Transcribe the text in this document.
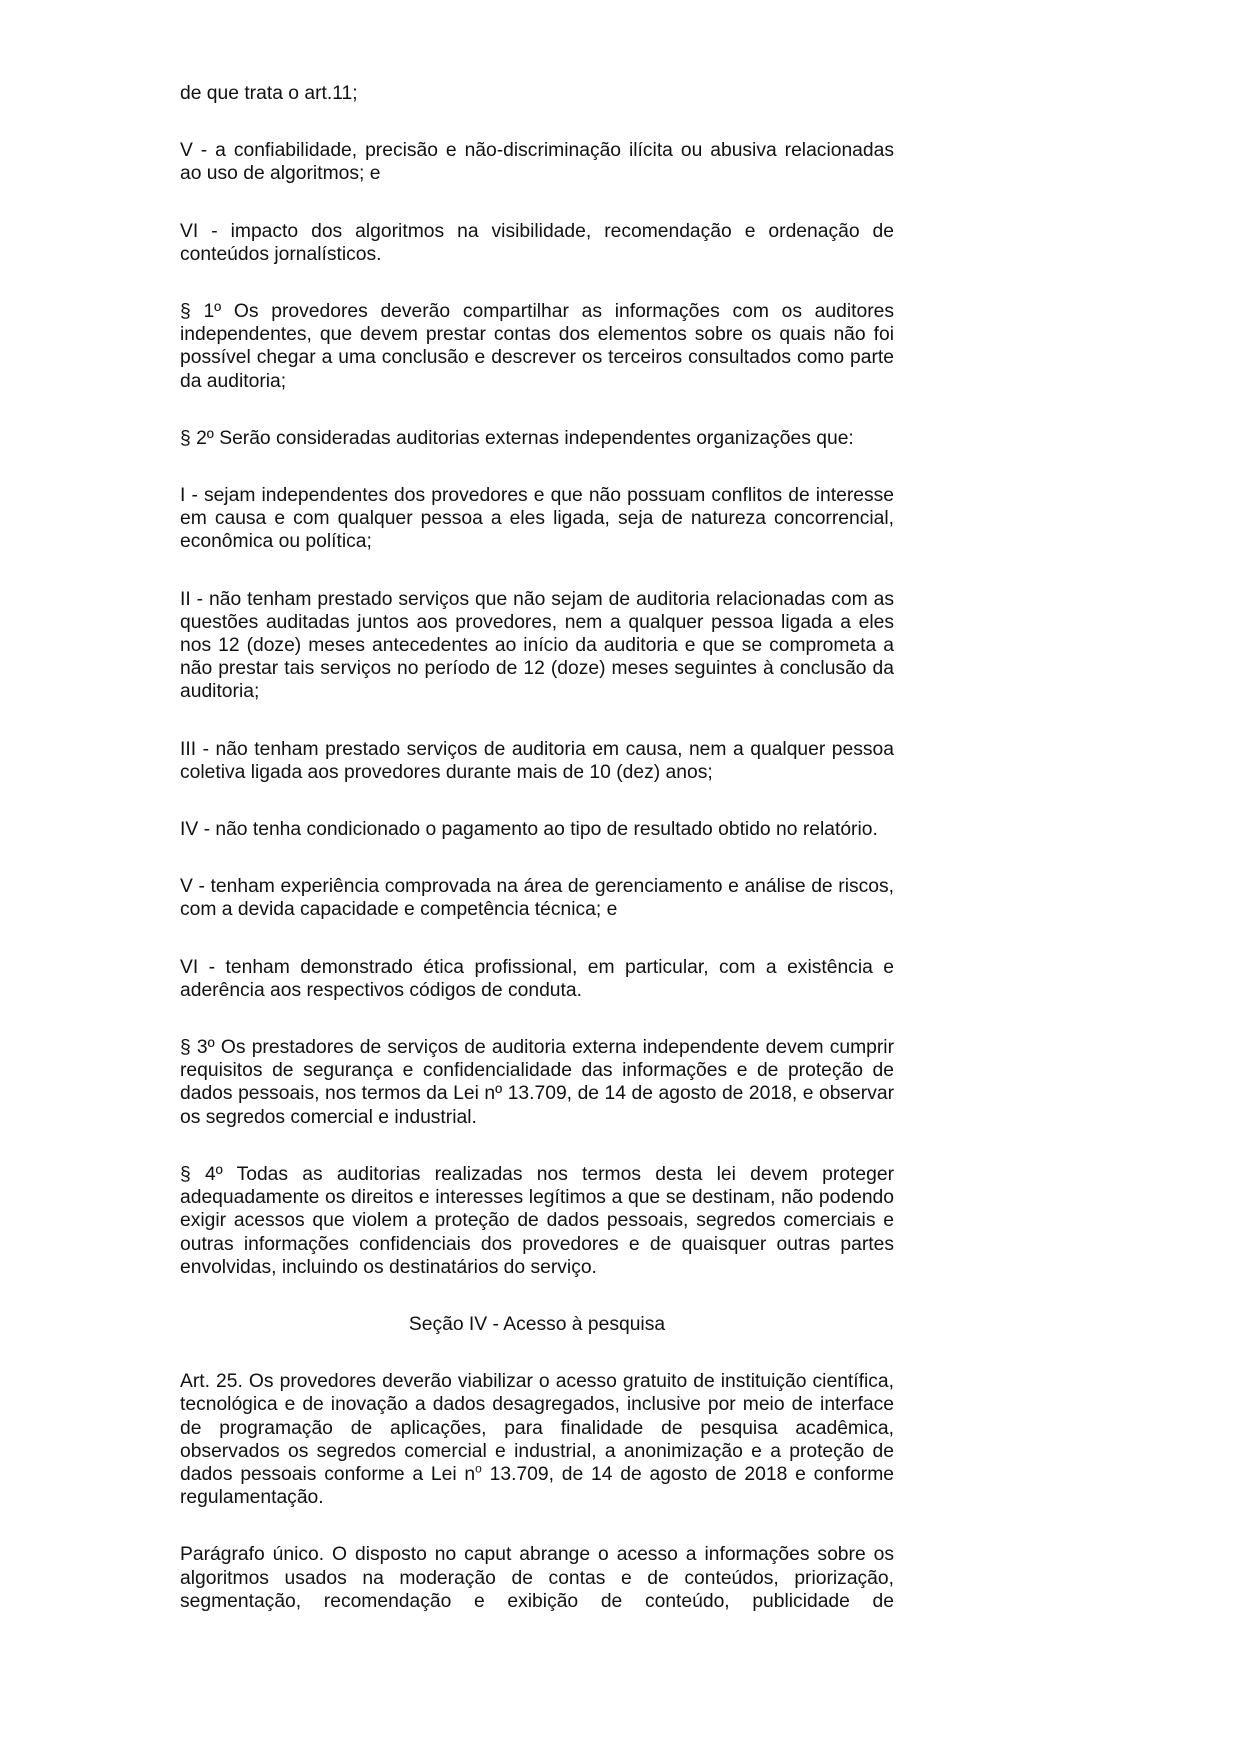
de que trata o art.11;

V - a confiabilidade, precisão e não-discriminação ilícita ou abusiva relacionadas ao uso de algoritmos; e

VI - impacto dos algoritmos na visibilidade, recomendação e ordenação de conteúdos jornalísticos.

§ 1º Os provedores deverão compartilhar as informações com os auditores independentes, que devem prestar contas dos elementos sobre os quais não foi possível chegar a uma conclusão e descrever os terceiros consultados como parte da auditoria;

§ 2º Serão consideradas auditorias externas independentes organizações que:

I - sejam independentes dos provedores e que não possuam conflitos de interesse em causa e com qualquer pessoa a eles ligada, seja de natureza concorrencial, econômica ou política;

II - não tenham prestado serviços que não sejam de auditoria relacionadas com as questões auditadas juntos aos provedores, nem a qualquer pessoa ligada a eles nos 12 (doze) meses antecedentes ao início da auditoria e que se comprometa a não prestar tais serviços no período de 12 (doze) meses seguintes à conclusão da auditoria;

III - não tenham prestado serviços de auditoria em causa, nem a qualquer pessoa coletiva ligada aos provedores durante mais de 10 (dez) anos;

IV - não tenha condicionado o pagamento ao tipo de resultado obtido no relatório.

V - tenham experiência comprovada na área de gerenciamento e análise de riscos, com a devida capacidade e competência técnica; e

VI - tenham demonstrado ética profissional, em particular, com a existência e aderência aos respectivos códigos de conduta.

§ 3º Os prestadores de serviços de auditoria externa independente devem cumprir requisitos de segurança e confidencialidade das informações e de proteção de dados pessoais, nos termos da Lei nº 13.709, de 14 de agosto de 2018, e observar os segredos comercial e industrial.

§ 4º Todas as auditorias realizadas nos termos desta lei devem proteger adequadamente os direitos e interesses legítimos a que se destinam, não podendo exigir acessos que violem a proteção de dados pessoais, segredos comerciais e outras informações confidenciais dos provedores e de quaisquer outras partes envolvidas, incluindo os destinatários do serviço.

Seção IV - Acesso à pesquisa

Art. 25. Os provedores deverão viabilizar o acesso gratuito de instituição científica, tecnológica e de inovação a dados desagregados, inclusive por meio de interface de programação de aplicações, para finalidade de pesquisa acadêmica, observados os segredos comercial e industrial, a anonimização e a proteção de dados pessoais conforme a Lei $n^o$ 13.709, de 14 de agosto de 2018 e conforme regulamentação.

Parágrafo único. O disposto no caput abrange o acesso a informações sobre os algoritmos usados na moderação de contas e de conteúdos, priorização, segmentação, recomendação e exibição de conteúdo, publicidade de
